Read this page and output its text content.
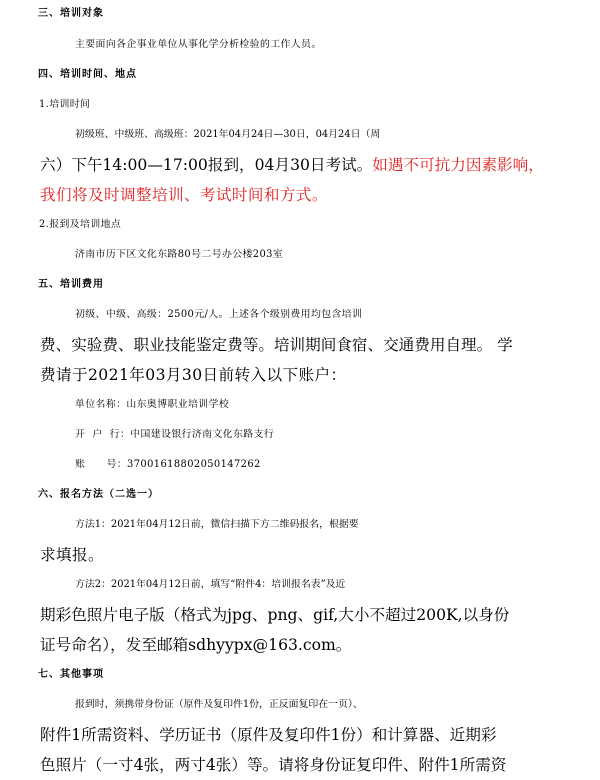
三、培训对象
主要面向各企事业单位从事化学分析检验的工作人员。
四、培训时间、地点
1.培训时间
初级班、中级班、高级班：2021年04月24日—30日，04月24日（周
六）下午14:00—17:00报到，04月30日考试。如遇不可抗力因素影响，
我们将及时调整培训、考试时间和方式。
2.报到及培训地点
济南市历下区文化东路80号二号办公楼203室
五、培训费用
初级、中级、高级：2500元/人。上述各个级别费用均包含培训
费、实验费、职业技能鉴定费等。培训期间食宿、交通费用自理。 学
费请于2021年03月30日前转入以下账户：
单位名称：山东奥博职业培训学校
开  户  行：中国建设银行济南文化东路支行
账      号：37001618802050147262
六、报名方法（二选一）
方法1：2021年04月12日前，微信扫描下方二维码报名，根据要
求填报。
方法2：2021年04月12日前，填写“附件4：培训报名表”及近
期彩色照片电子版（格式为jpg、png、gif,大小不超过200K,以身份
证号命名），发至邮箱sdhyypx@163.com。
七、其他事项
报到时，须携带身份证（原件及复印件1份，正反面复印在一页）、
附件1所需资料、学历证书（原件及复印件1份）和计算器、近期彩
色照片（一寸4张，两寸4张）等。请将身份证复印件、附件1所需资
